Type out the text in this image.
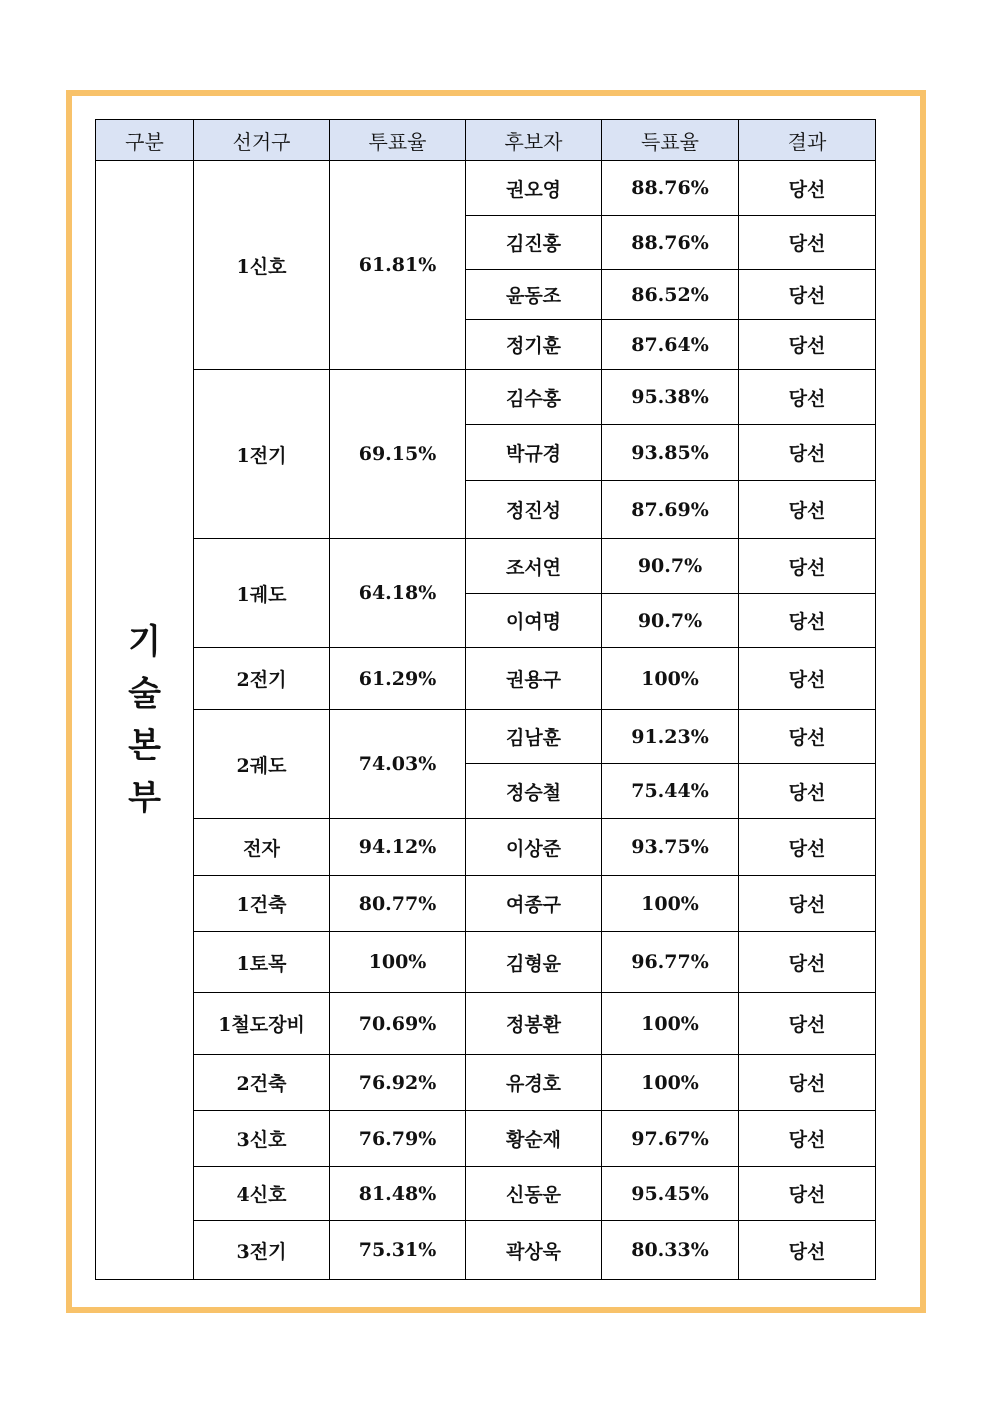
구분	선거구	투표율	후보자	득표율	결과

기
술
본
부	1신호	61.81%	권오영	88.76%	당선
			김진홍	88.76%	당선
			윤동조	86.52%	당선
			정기훈	87.64%	당선
	1전기	69.15%	김수홍	95.38%	당선
			박규경	93.85%	당선
			정진성	87.69%	당선
	1궤도	64.18%	조서연	90.7%	당선
			이여명	90.7%	당선
	2전기	61.29%	권용구	100%	당선
	2궤도	74.03%	김남훈	91.23%	당선
			정승철	75.44%	당선
	전자	94.12%	이상준	93.75%	당선
	1건축	80.77%	여종구	100%	당선
	1토목	100%	김형윤	96.77%	당선
	1철도장비	70.69%	정봉환	100%	당선
	2건축	76.92%	유경호	100%	당선
	3신호	76.79%	황순재	97.67%	당선
	4신호	81.48%	신동운	95.45%	당선
	3전기	75.31%	곽상욱	80.33%	당선
